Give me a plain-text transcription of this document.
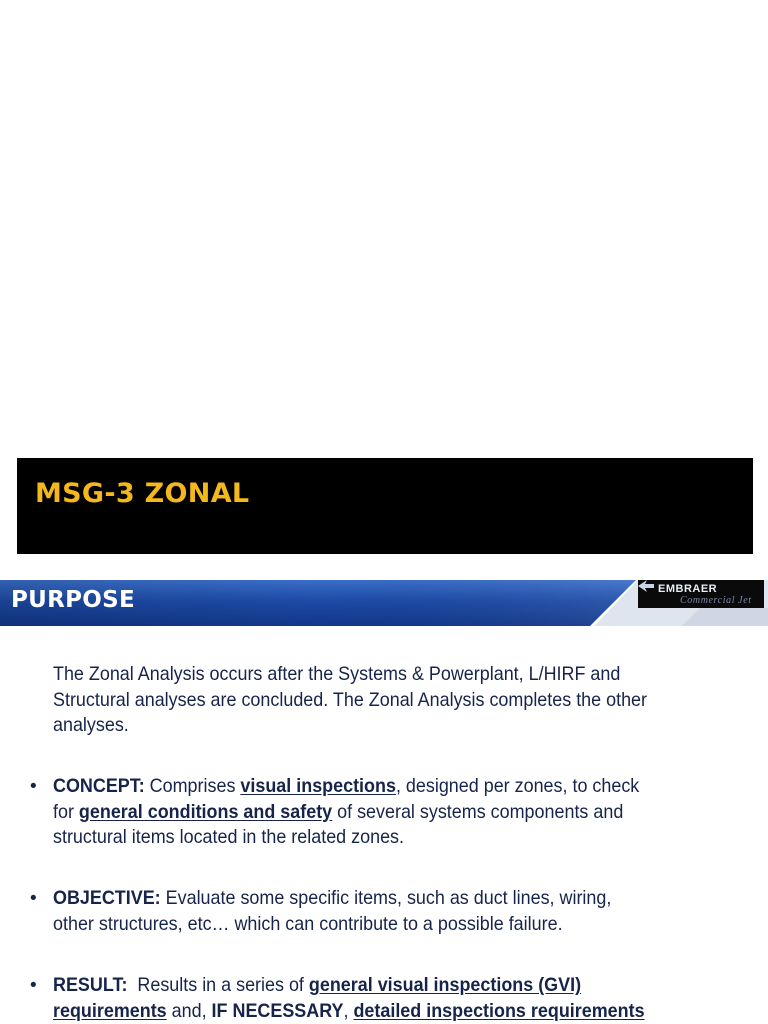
MSG-3 ZONAL
PURPOSE	EMBRAER
Commercial Jet
The Zonal Analysis occurs after the Systems & Powerplant, L/HIRF and
Structural analyses are concluded. The Zonal Analysis completes the other
analyses.
• CONCEPT: Comprises visual inspections, designed per zones, to check
for general conditions and safety of several systems components and
structural items located in the related zones.
• OBJECTIVE: Evaluate some specific items, such as duct lines, wiring,
other structures, etc… which can contribute to a possible failure.
• RESULT:  Results in a series of general visual inspections (GVI)
requirements and, IF NECESSARY, detailed inspections requirements
